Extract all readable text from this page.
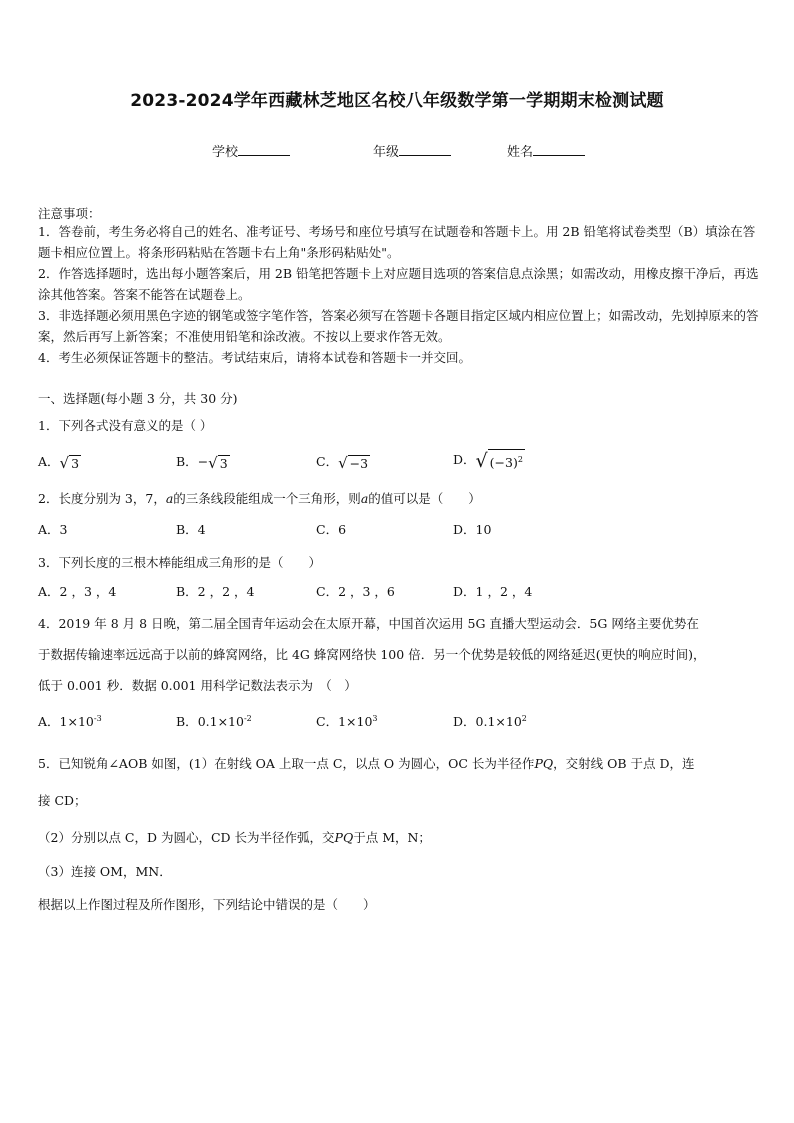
2023-2024学年西藏林芝地区名校八年级数学第一学期期末检测试题
学校	年级	姓名
注意事项：
1．答卷前，考生务必将自己的姓名、准考证号、考场号和座位号填写在试题卷和答题卡上。用 2B 铅笔将试卷类型（B）填涂在答题卡相应位置上。将条形码粘贴在答题卡右上角"条形码粘贴处"。
2．作答选择题时，选出每小题答案后，用 2B 铅笔把答题卡上对应题目选项的答案信息点涂黑；如需改动，用橡皮擦干净后，再选涂其他答案。答案不能答在试题卷上。
3．非选择题必须用黑色字迹的钢笔或签字笔作答，答案必须写在答题卡各题目指定区域内相应位置上；如需改动，先划掉原来的答案，然后再写上新答案；不准使用铅笔和涂改液。不按以上要求作答无效。
4．考生必须保证答题卡的整洁。考试结束后，请将本试卷和答题卡一并交回。
一、选择题(每小题 3 分，共 30 分)
1．下列各式没有意义的是（ ）
A．√ 3	B．−√ 3	C．√ −3	D．√ $(-3)^2$
2．长度分别为 3，7，a的三条线段能组成一个三角形，则a的值可以是（　　）
A．3	B．4	C．6	D．10
3．下列长度的三根木棒能组成三角形的是（　　）
A．2 ，3 ，4	B．2 ，2 ，4	C．2 ，3 ，6	D．1 ，2 ，4
4．2019 年 8 月 8 日晚，第二届全国青年运动会在太原开幕，中国首次运用 5G 直播大型运动会．5G 网络主要优势在
于数据传输速率远远高于以前的蜂窝网络，比 4G 蜂窝网络快 100 倍．另一个优势是较低的网络延迟(更快的响应时间)，
低于 0.001 秒．数据 0.001 用科学记数法表示为　（　）
A．$1\times 10^{-3}$	B．$0.1\times 10^{-2}$	C．$1\times 10^3$	D．$0.1\times 10^2$
5．已知锐角∠AOB 如图，(1）在射线 OA 上取一点 C，以点 O 为圆心，OC 长为半径作PQ，交射线 OB 于点 D，连
接 CD；
（2）分别以点 C，D 为圆心，CD 长为半径作弧，交PQ于点 M，N；
（3）连接 OM，MN．
根据以上作图过程及所作图形，下列结论中错误的是（　　）
